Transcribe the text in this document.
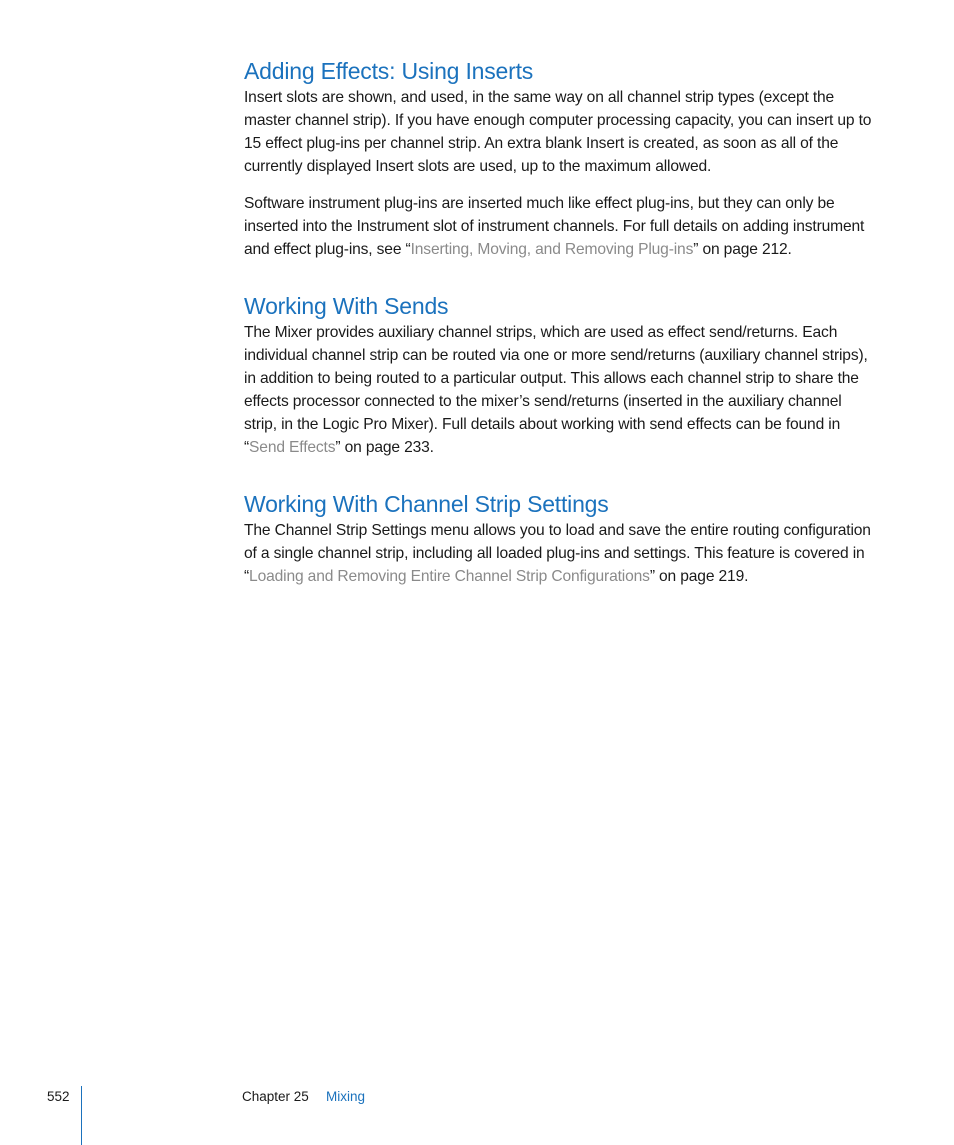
Adding Effects: Using Inserts

Insert slots are shown, and used, in the same way on all channel strip types (except the master channel strip). If you have enough computer processing capacity, you can insert up to 15 effect plug-ins per channel strip. An extra blank Insert is created, as soon as all of the currently displayed Insert slots are used, up to the maximum allowed.

Software instrument plug-ins are inserted much like effect plug-ins, but they can only be inserted into the Instrument slot of instrument channels. For full details on adding instrument and effect plug-ins, see “Inserting, Moving, and Removing Plug-ins” on page 212.

Working With Sends

The Mixer provides auxiliary channel strips, which are used as effect send/returns. Each individual channel strip can be routed via one or more send/returns (auxiliary channel strips), in addition to being routed to a particular output. This allows each channel strip to share the effects processor connected to the mixer’s send/returns (inserted in the auxiliary channel strip, in the Logic Pro Mixer). Full details about working with send effects can be found in “Send Effects” on page 233.

Working With Channel Strip Settings

The Channel Strip Settings menu allows you to load and save the entire routing configuration of a single channel strip, including all loaded plug-ins and settings. This feature is covered in “Loading and Removing Entire Channel Strip Configurations” on page 219.

552	Chapter 25 Mixing
